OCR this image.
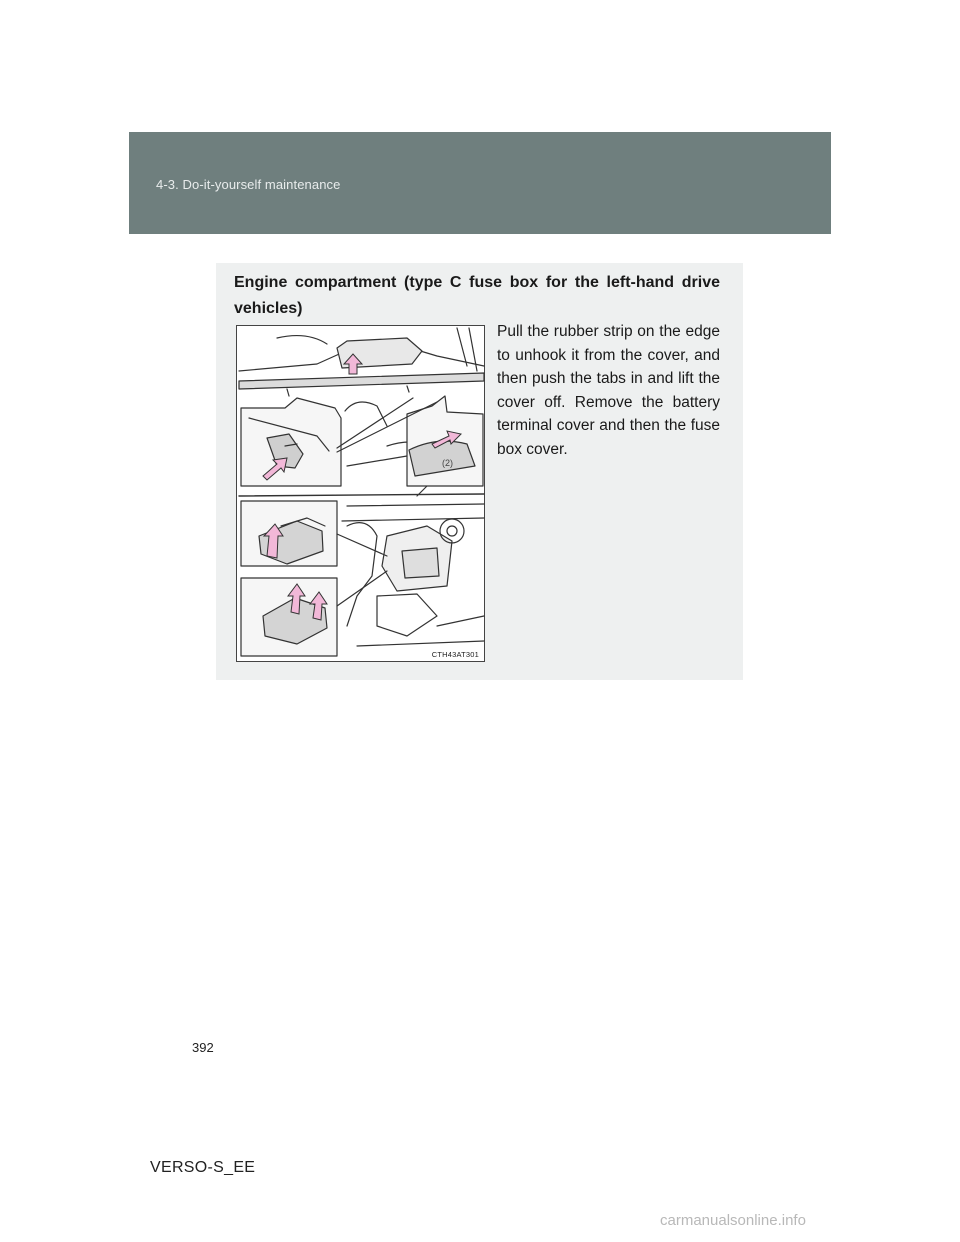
4-3. Do-it-yourself maintenance
Engine compartment (type C fuse box for the left-hand drive vehicles)
Pull the rubber strip on the edge to unhook it from the cover, and then push the tabs in and lift the cover off. Remove the battery terminal cover and then the fuse box cover.
(2)
CTH43AT301
392
VERSO-S_EE
carmanualsonline.info
